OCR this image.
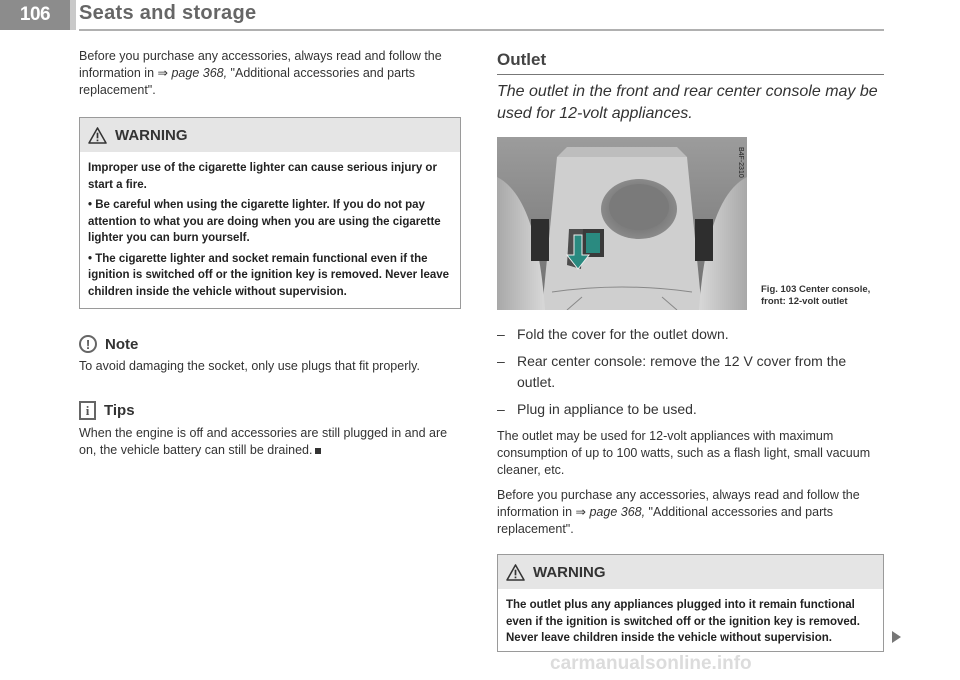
106	Seats and storage

Before you purchase any accessories, always read and follow the information in ⇒ page 368, "Additional accessories and parts replacement".

WARNING

Improper use of the cigarette lighter can cause serious injury or start a fire.

• Be careful when using the cigarette lighter. If you do not pay attention to what you are doing when you are using the cigarette lighter you can burn yourself.

• The cigarette lighter and socket remain functional even if the ignition is switched off or the ignition key is removed. Never leave children inside the vehicle without supervision.

! Note

To avoid damaging the socket, only use plugs that fit properly.

i Tips

When the engine is off and accessories are still plugged in and are on, the vehicle battery can still be drained.

Outlet
The outlet in the front and rear center console may be used for 12-volt appliances.
B4F-2310
Fig. 103 Center console, front: 12-volt outlet
– Fold the cover for the outlet down.
– Rear center console: remove the 12 V cover from the outlet.
– Plug in appliance to be used.

The outlet may be used for 12-volt appliances with maximum consumption of up to 100 watts, such as a flash light, small vacuum cleaner, etc.

Before you purchase any accessories, always read and follow the information in ⇒ page 368, "Additional accessories and parts replacement".

WARNING
The outlet plus any appliances plugged into it remain functional even if the ignition is switched off or the ignition key is removed. Never leave children inside the vehicle without supervision.
carmanualsonline.info
